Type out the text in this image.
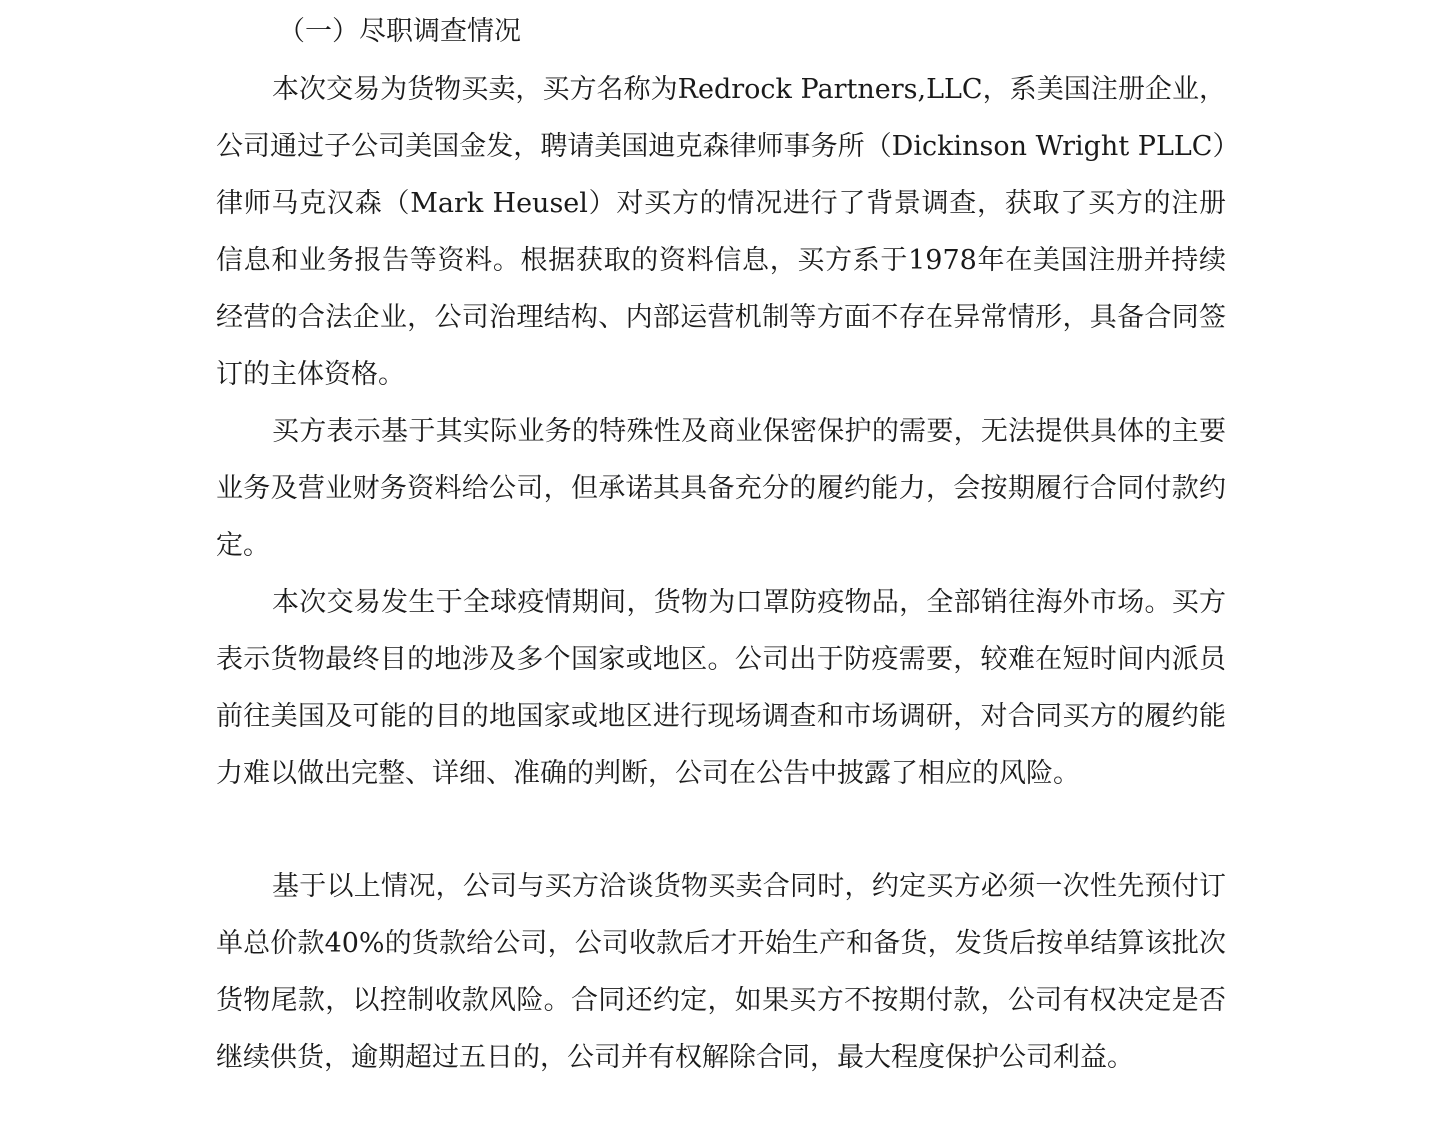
（一）尽职调查情况

本次交易为货物买卖，买方名称为Redrock Partners,LLC，系美国注册企业，公司通过子公司美国金发，聘请美国迪克森律师事务所（Dickinson Wright PLLC）律师马克汉森（Mark Heusel）对买方的情况进行了背景调查，获取了买方的注册信息和业务报告等资料。根据获取的资料信息，买方系于1978年在美国注册并持续经营的合法企业，公司治理结构、内部运营机制等方面不存在异常情形，具备合同签订的主体资格。

买方表示基于其实际业务的特殊性及商业保密保护的需要，无法提供具体的主要业务及营业财务资料给公司，但承诺其具备充分的履约能力，会按期履行合同付款约定。

本次交易发生于全球疫情期间，货物为口罩防疫物品，全部销往海外市场。买方表示货物最终目的地涉及多个国家或地区。公司出于防疫需要，较难在短时间内派员前往美国及可能的目的地国家或地区进行现场调查和市场调研，对合同买方的履约能力难以做出完整、详细、准确的判断，公司在公告中披露了相应的风险。

基于以上情况，公司与买方洽谈货物买卖合同时，约定买方必须一次性先预付订单总价款40%的货款给公司，公司收款后才开始生产和备货，发货后按单结算该批次货物尾款，以控制收款风险。合同还约定，如果买方不按期付款，公司有权决定是否继续供货，逾期超过五日的，公司并有权解除合同，最大程度保护公司利益。
